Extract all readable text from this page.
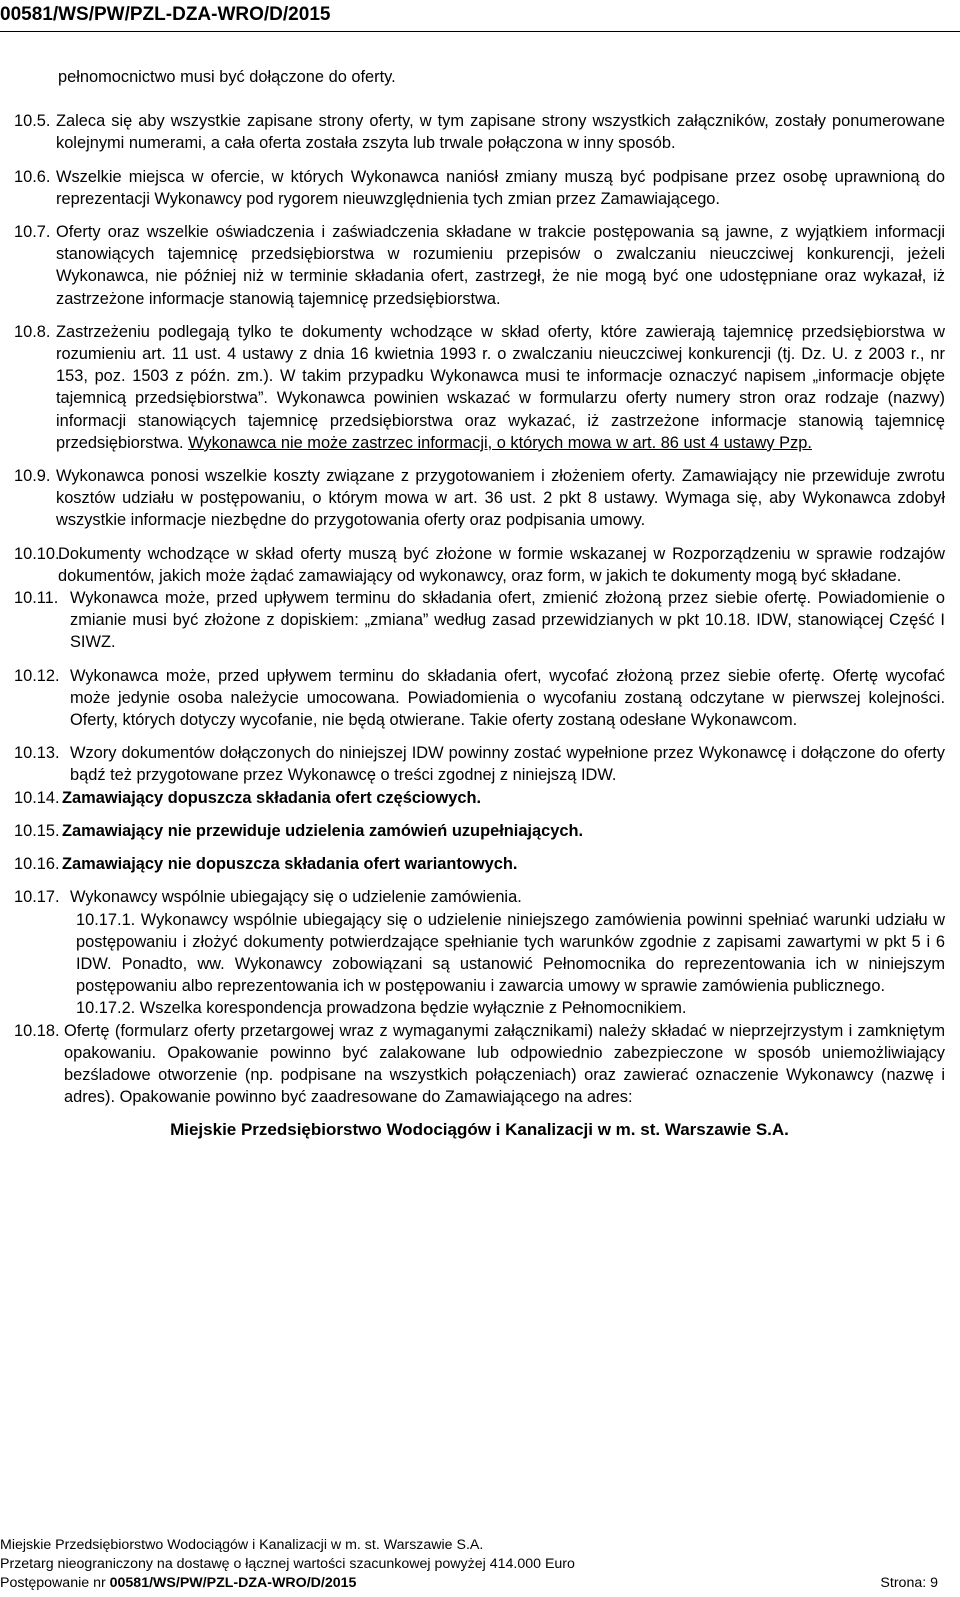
00581/WS/PW/PZL-DZA-WRO/D/2015

pełnomocnictwo musi być dołączone do oferty.

10.5. Zaleca się aby wszystkie zapisane strony oferty, w tym zapisane strony wszystkich załączników, zostały ponumerowane kolejnymi numerami, a cała oferta została zszyta lub trwale połączona w inny sposób.
10.6. Wszelkie miejsca w ofercie, w których Wykonawca naniósł zmiany muszą być podpisane przez osobę uprawnioną do reprezentacji Wykonawcy pod rygorem nieuwzględnienia tych zmian przez Zamawiającego.
10.7. Oferty oraz wszelkie oświadczenia i zaświadczenia składane w trakcie postępowania są jawne, z wyjątkiem informacji stanowiących tajemnicę przedsiębiorstwa w rozumieniu przepisów o zwalczaniu nieuczciwej konkurencji, jeżeli Wykonawca, nie później niż w terminie składania ofert, zastrzegł, że nie mogą być one udostępniane oraz wykazał, iż zastrzeżone informacje stanowią tajemnicę przedsiębiorstwa.
10.8. Zastrzeżeniu podlegają tylko te dokumenty wchodzące w skład oferty, które zawierają tajemnicę przedsiębiorstwa w rozumieniu art. 11 ust. 4 ustawy z dnia 16 kwietnia 1993 r. o zwalczaniu nieuczciwej konkurencji (tj. Dz. U. z 2003 r., nr 153, poz. 1503 z późn. zm.). W takim przypadku Wykonawca musi te informacje oznaczyć napisem „informacje objęte tajemnicą przedsiębiorstwa”. Wykonawca powinien wskazać w formularzu oferty numery stron oraz rodzaje (nazwy) informacji stanowiących tajemnicę przedsiębiorstwa oraz wykazać, iż zastrzeżone informacje stanowią tajemnicę przedsiębiorstwa. Wykonawca nie może zastrzec informacji, o których mowa w art. 86 ust 4 ustawy Pzp.
10.9. Wykonawca ponosi wszelkie koszty związane z przygotowaniem i złożeniem oferty. Zamawiający nie przewiduje zwrotu kosztów udziału w postępowaniu, o którym mowa w art. 36 ust. 2 pkt 8 ustawy. Wymaga się, aby Wykonawca zdobył wszystkie informacje niezbędne do przygotowania oferty oraz podpisania umowy.
10.10.
Dokumenty wchodzące w skład oferty muszą być złożone w formie wskazanej w Rozporządzeniu w sprawie rodzajów dokumentów, jakich może żądać zamawiający od wykonawcy, oraz form, w jakich te dokumenty mogą być składane.
10.11. Wykonawca może, przed upływem terminu do składania ofert, zmienić złożoną przez siebie ofertę. Powiadomienie o zmianie musi być złożone z dopiskiem: „zmiana” według zasad przewidzianych w pkt 10.18. IDW, stanowiącej Część I SIWZ.
10.12. Wykonawca może, przed upływem terminu do składania ofert, wycofać złożoną przez siebie ofertę. Ofertę wycofać może jedynie osoba należycie umocowana. Powiadomienia o wycofaniu zostaną odczytane w pierwszej kolejności. Oferty, których dotyczy wycofanie, nie będą otwierane. Takie oferty zostaną odesłane Wykonawcom.
10.13. Wzory dokumentów dołączonych do niniejszej IDW powinny zostać wypełnione przez Wykonawcę i dołączone do oferty bądź też przygotowane przez Wykonawcę o treści zgodnej z niniejszą IDW.
10.14. Zamawiający dopuszcza składania ofert częściowych.
10.15. Zamawiający nie przewiduje udzielenia zamówień uzupełniających.
10.16. Zamawiający nie dopuszcza składania ofert wariantowych.
10.17. Wykonawcy wspólnie ubiegający się o udzielenie zamówienia.

10.17.1. Wykonawcy wspólnie ubiegający się o udzielenie niniejszego zamówienia powinni spełniać warunki udziału w postępowaniu i złożyć dokumenty potwierdzające spełnianie tych warunków zgodnie z zapisami zawartymi w pkt 5 i 6 IDW. Ponadto, ww. Wykonawcy zobowiązani są ustanowić Pełnomocnika do reprezentowania ich w niniejszym postępowaniu albo reprezentowania ich w postępowaniu i zawarcia umowy w sprawie zamówienia publicznego.

10.17.2. Wszelka korespondencja prowadzona będzie wyłącznie z Pełnomocnikiem.

10.18. Ofertę (formularz oferty przetargowej wraz z wymaganymi załącznikami) należy składać w nieprzejrzystym i zamkniętym opakowaniu. Opakowanie powinno być zalakowane lub odpowiednio zabezpieczone w sposób uniemożliwiający bezśladowe otworzenie (np. podpisane na wszystkich połączeniach) oraz zawierać oznaczenie Wykonawcy (nazwę i adres). Opakowanie powinno być zaadresowane do Zamawiającego na adres:

Miejskie Przedsiębiorstwo Wodociągów i Kanalizacji w m. st. Warszawie S.A.

Miejskie Przedsiębiorstwo Wodociągów i Kanalizacji w m. st. Warszawie S.A.
Przetarg nieograniczony na dostawę o łącznej wartości szacunkowej powyżej 414.000 Euro
Postępowanie nr 00581/WS/PW/PZL-DZA-WRO/D/2015	Strona: 9
